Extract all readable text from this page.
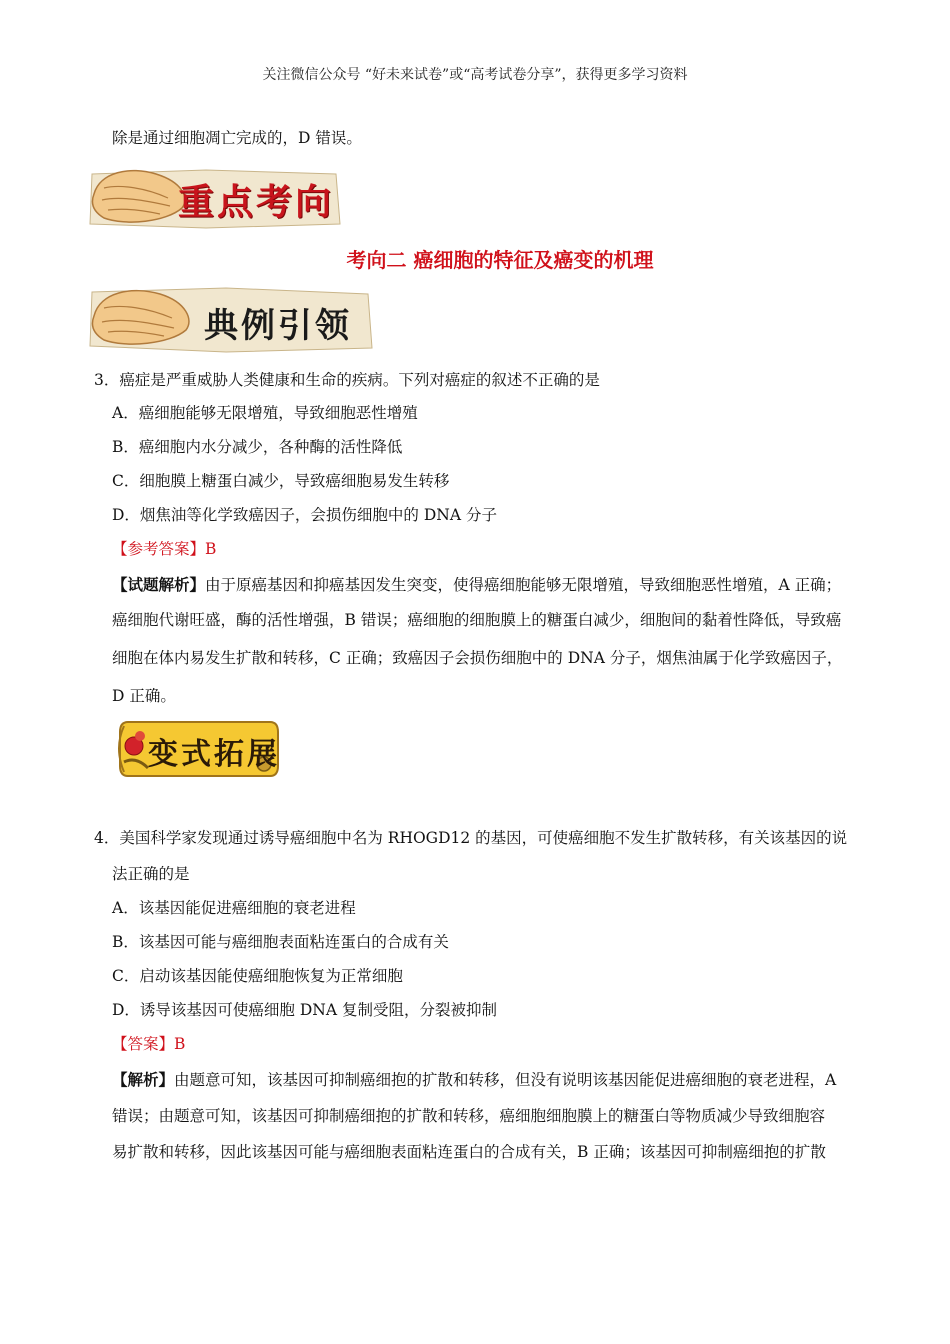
关注微信公众号 “好未来试卷”或“高考试卷分享”，获得更多学习资料
除是通过细胞凋亡完成的，D 错误。
重点考向
考向二 癌细胞的特征及癌变的机理
典例引领
3．癌症是严重威胁人类健康和生命的疾病。下列对癌症的叙述不正确的是
A．癌细胞能够无限增殖，导致细胞恶性增殖
B．癌细胞内水分减少，各种酶的活性降低
C．细胞膜上糖蛋白减少，导致癌细胞易发生转移
D．烟焦油等化学致癌因子，会损伤细胞中的 DNA 分子
【参考答案】B
【试题解析】由于原癌基因和抑癌基因发生突变，使得癌细胞能够无限增殖，导致细胞恶性增殖，A 正确；
癌细胞代谢旺盛，酶的活性增强，B 错误；癌细胞的细胞膜上的糖蛋白减少，细胞间的黏着性降低，导致癌
细胞在体内易发生扩散和转移，C 正确；致癌因子会损伤细胞中的 DNA 分子，烟焦油属于化学致癌因子，
D 正确。
变式拓展
4．美国科学家发现通过诱导癌细胞中名为 RHOGD12 的基因，可使癌细胞不发生扩散转移，有关该基因的说
法正确的是
A．该基因能促进癌细胞的衰老进程
B．该基因可能与癌细胞表面粘连蛋白的合成有关
C．启动该基因能使癌细胞恢复为正常细胞
D．诱导该基因可使癌细胞 DNA 复制受阻，分裂被抑制
【答案】B
【解析】由题意可知，该基因可抑制癌细抱的扩散和转移，但没有说明该基因能促进癌细胞的衰老进程，A
错误；由题意可知，该基因可抑制癌细抱的扩散和转移，癌细胞细胞膜上的糖蛋白等物质减少导致细胞容
易扩散和转移，因此该基因可能与癌细胞表面粘连蛋白的合成有关，B 正确；该基因可抑制癌细抱的扩散
